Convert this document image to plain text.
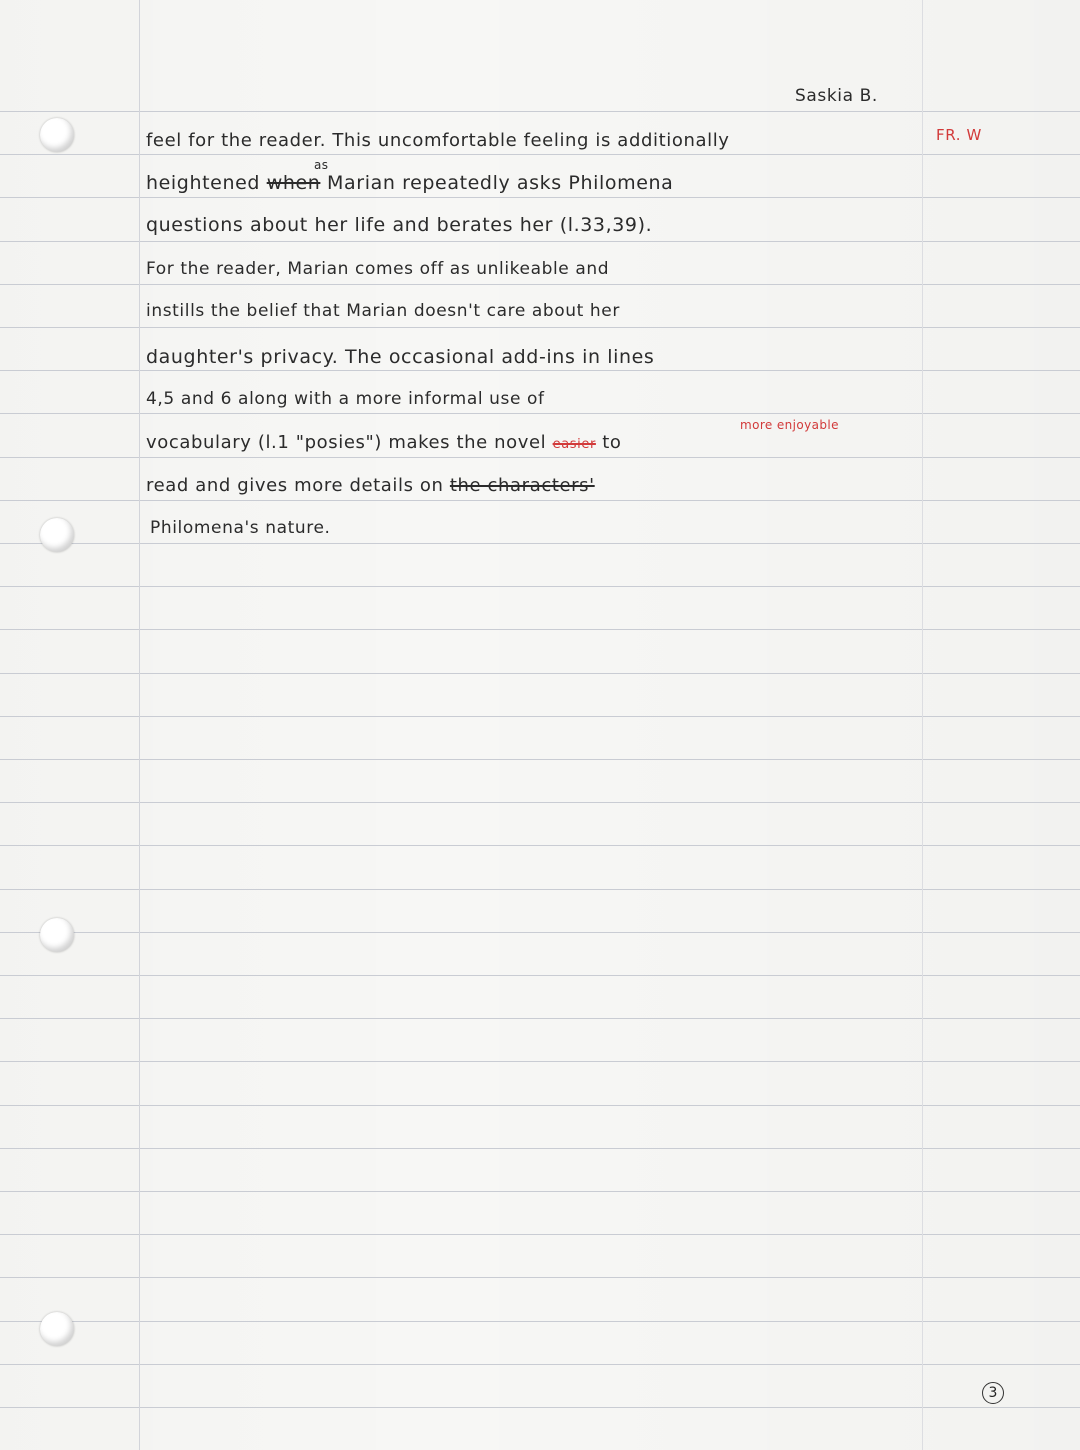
Saskia B.
feel for the reader. This uncomfortable feeling is additionally	FR. W
as
heightened when Marian repeatedly asks Philomena
questions about her life and berates her (l.33,39).
For the reader, Marian comes off as unlikeable and
instills the belief that Marian doesn't care about her
daughter's privacy. The occasional add-ins in lines
4,5 and 6 along with a more informal use of
more enjoyable
vocabulary (l.1 "posies") makes the novel easier to
read and gives more details on the characters'
Philomena's nature.
3
